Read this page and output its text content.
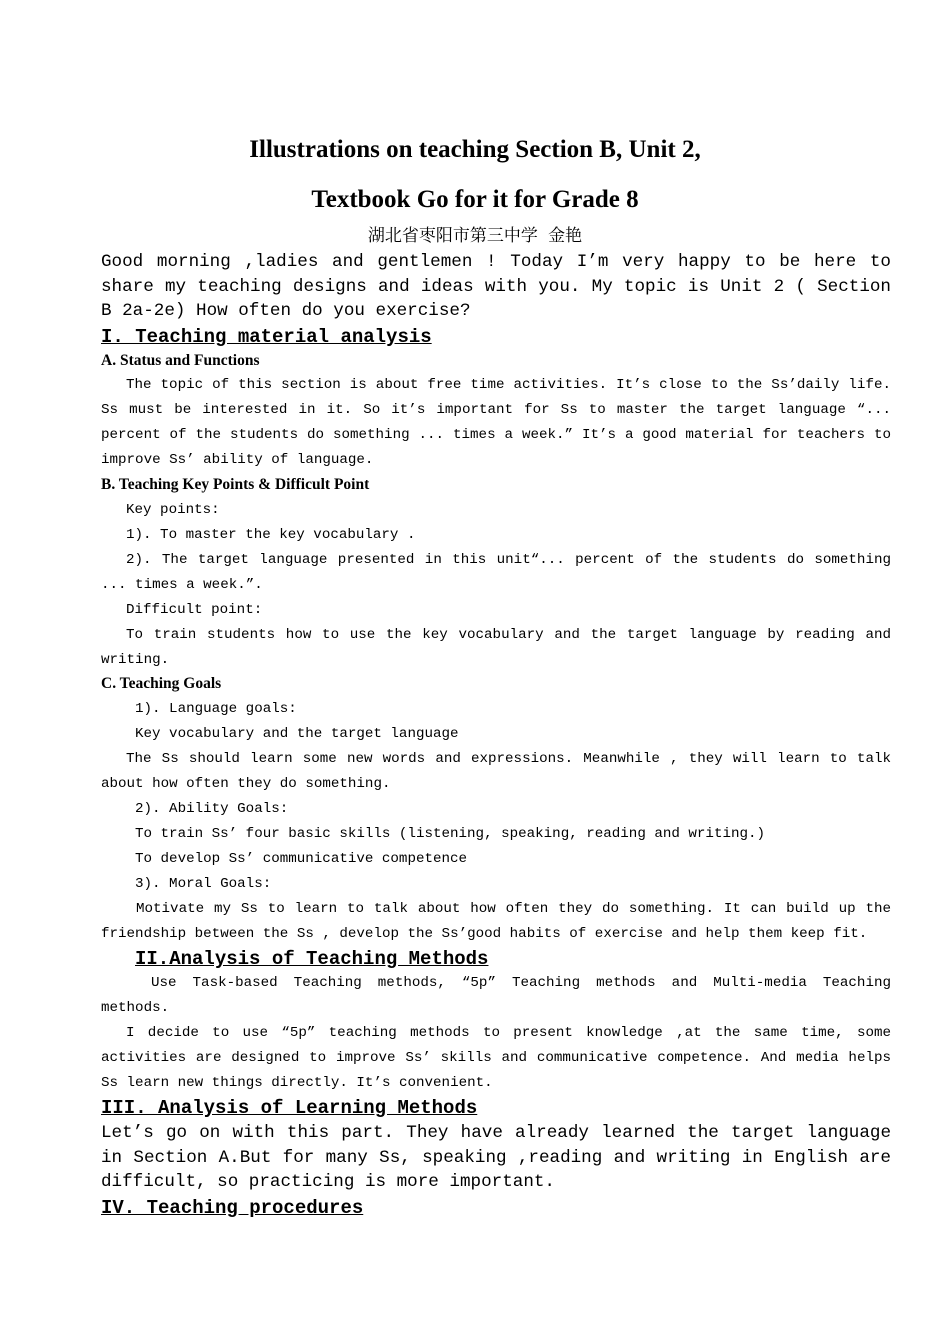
Illustrations on teaching Section B, Unit 2,
Textbook Go for it for Grade 8
湖北省枣阳市第三中学 金艳

Good morning ,ladies and gentlemen ! Today I’m very happy to be here to share my teaching designs and ideas with you. My topic is Unit 2 ( Section B 2a-2e) How often do you exercise?

I. Teaching material analysis
A. Status and Functions

The topic of this section is about free time activities. It’s close to the Ss’daily life. Ss must be interested in it. So it’s important for Ss to master the target language “... percent of the students do something ... times a week.” It’s a good material for teachers to improve Ss’ ability of language.

B. Teaching Key Points & Difficult Point
Key points:
1). To master the key vocabulary .

2). The target language presented in this unit“... percent of the students do something ... times a week.”.

Difficult point:

To train students how to use the key vocabulary and the target language by reading and writing.

C. Teaching Goals
1). Language goals:
Key vocabulary and the target language

The Ss should learn some new words and expressions. Meanwhile , they will learn to talk about how often they do something.

2). Ability Goals:
To train Ss’ four basic skills (listening, speaking, reading and writing.)
To develop Ss’ communicative competence
3). Moral Goals:

Motivate my Ss to learn to talk about how often they do something. It can build up the friendship between the Ss , develop the Ss’good habits of exercise and help them keep fit.

II.Analysis of Teaching Methods

Use Task-based Teaching methods, “5p” Teaching methods and Multi-media Teaching methods.

I decide to use “5p” teaching methods to present knowledge ,at the same time, some activities are designed to improve Ss’ skills and communicative competence. And media helps Ss learn new things directly. It’s convenient.

III. Analysis of Learning Methods

Let’s go on with this part. They have already learned the target language in Section A.But for many Ss, speaking ,reading and writing in English are difficult, so practicing is more important.

IV. Teaching procedures
